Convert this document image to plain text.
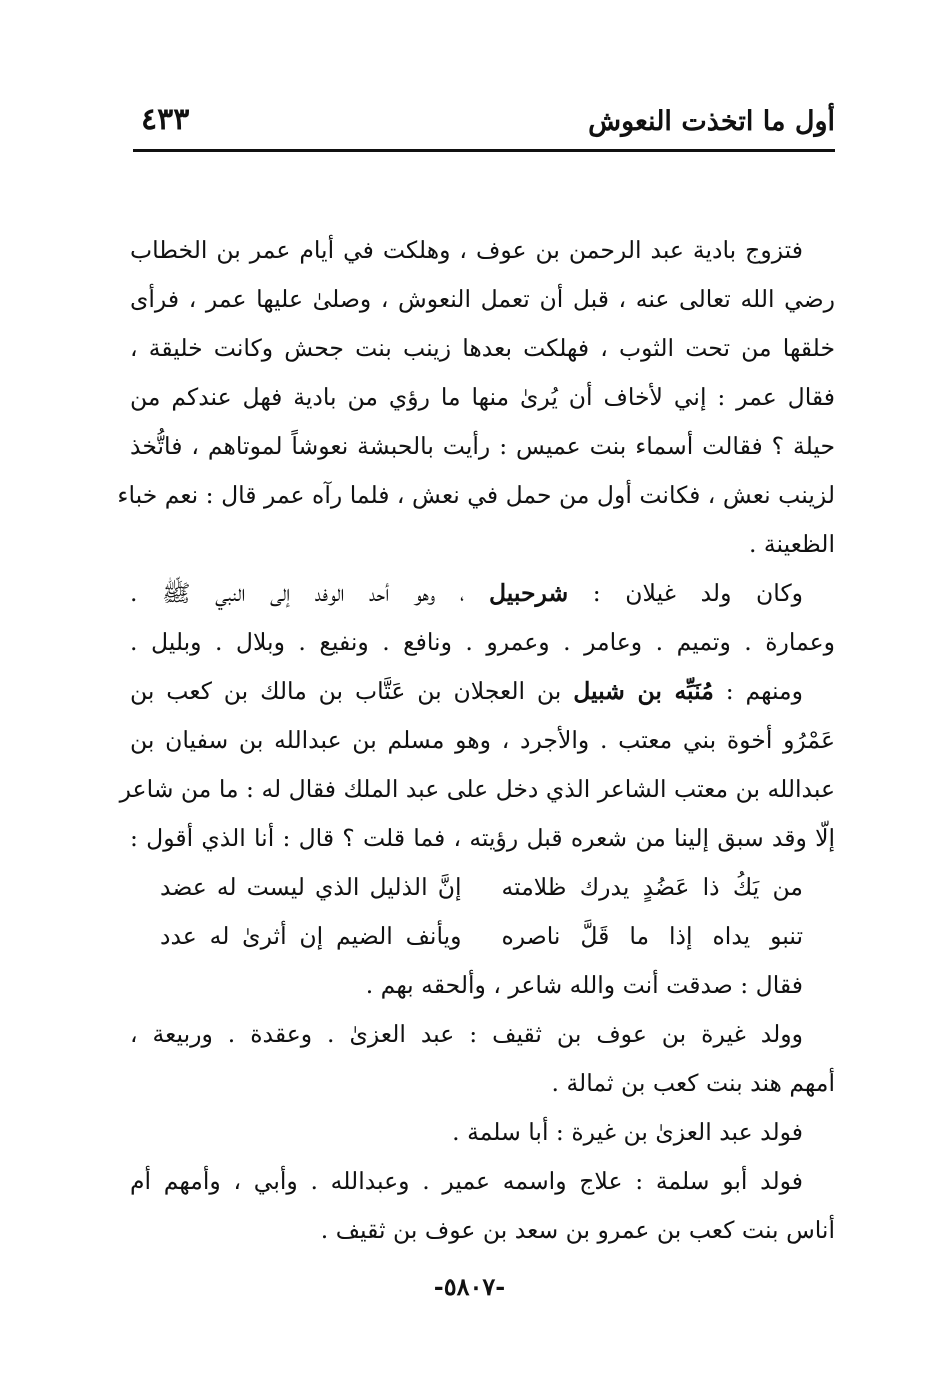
أول ما اتخذت النعوش
٤٣٣
فتزوج بادية عبد الرحمن بن عوف ، وهلكت في أيام عمر بن الخطاب
رضي الله تعالى عنه ، قبل أن تعمل النعوش ، وصلىٰ عليها عمر ، فرأى
خلقها من تحت الثوب ، فهلكت بعدها زينب بنت جحش وكانت خليقة ،
فقال عمر : إني لأخاف أن يُرىٰ منها ما رؤي من بادية فهل عندكم من
حيلة ؟ فقالت أسماء بنت عميس : رأيت بالحبشة نعوشاً لموتاهم ، فاتُّخذ
لزينب نعش ، فكانت أول من حمل في نعش ، فلما رآه عمر قال : نعم خباء
الظعينة .
وكان ولد غيلان : شرحبيل ، وهو أحد الوفد إلى النبي ﷺ .
وعمارة . وتميم . وعامر . وعمرو . ونافع . ونفيع . وبلال . وبليل .
ومنهم : مُنَبِّه بن شبيل بن العجلان بن عَتَّاب بن مالك بن كعب بن
عَمْرُو أخوة بني معتب . والأجرد ، وهو مسلم بن عبدالله بن سفيان بن
عبدالله بن معتب الشاعر الذي دخل على عبد الملك فقال له : ما من شاعر
إلّا وقد سبق إلينا من شعره قبل رؤيته ، فما قلت ؟ قال : أنا الذي أقول :
من يَكُ ذا عَضُدٍ يدرك ظلامته
إنَّ الذليل الذي ليست له عضد
تنبو يداه إذا ما قَلَّ ناصره
ويأنف الضيم إن أثرىٰ له عدد
فقال : صدقت أنت والله شاعر ، وألحقه بهم .
وولد غيرة بن عوف بن ثقيف : عبد العزىٰ . وعقدة . وربيعة ،
أمهم هند بنت كعب بن ثمالة .
فولد عبد العزىٰ بن غيرة : أبا سلمة .
فولد أبو سلمة : علاج واسمه عمير . وعبدالله . وأبي ، وأمهم أم
أناس بنت كعب بن عمرو بن سعد بن عوف بن ثقيف .
-٥٨٠٧-
